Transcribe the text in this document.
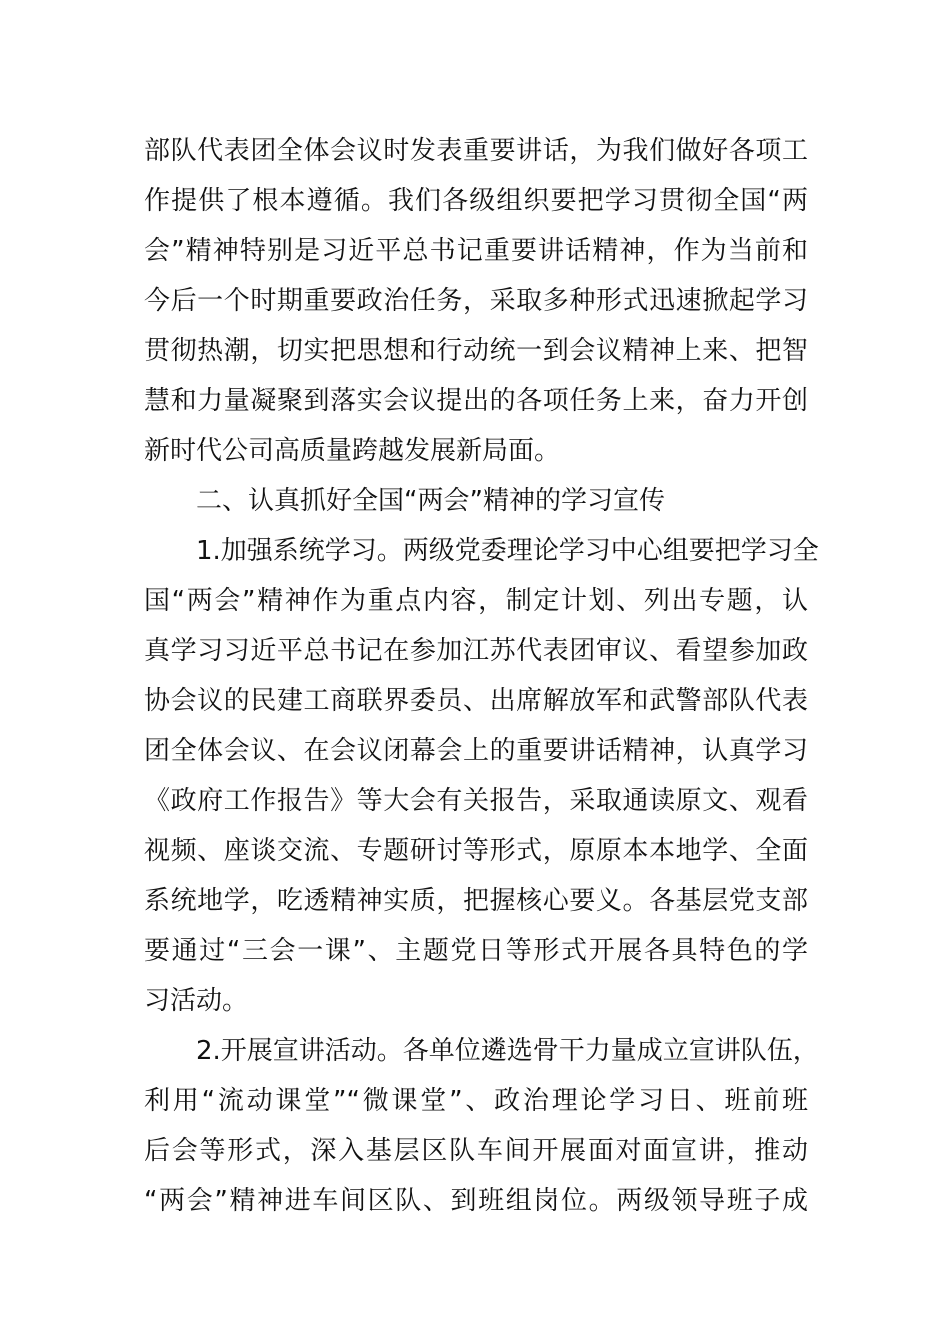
部队代表团全体会议时发表重要讲话，为我们做好各项工
作提供了根本遵循。我们各级组织要把学习贯彻全国“两
会”精神特别是习近平总书记重要讲话精神，作为当前和
今后一个时期重要政治任务，采取多种形式迅速掀起学习
贯彻热潮，切实把思想和行动统一到会议精神上来、把智
慧和力量凝聚到落实会议提出的各项任务上来，奋力开创
新时代公司高质量跨越发展新局面。
二、认真抓好全国“两会”精神的学习宣传
1.加强系统学习。两级党委理论学习中心组要把学习全
国“两会”精神作为重点内容，制定计划、列出专题，认
真学习习近平总书记在参加江苏代表团审议、看望参加政
协会议的民建工商联界委员、出席解放军和武警部队代表
团全体会议、在会议闭幕会上的重要讲话精神，认真学习
《政府工作报告》等大会有关报告，采取通读原文、观看
视频、座谈交流、专题研讨等形式，原原本本地学、全面
系统地学，吃透精神实质，把握核心要义。各基层党支部
要通过“三会一课”、主题党日等形式开展各具特色的学
习活动。
2.开展宣讲活动。各单位遴选骨干力量成立宣讲队伍，
利用“流动课堂”“微课堂”、政治理论学习日、班前班
后会等形式，深入基层区队车间开展面对面宣讲，推动
“两会”精神进车间区队、到班组岗位。两级领导班子成
